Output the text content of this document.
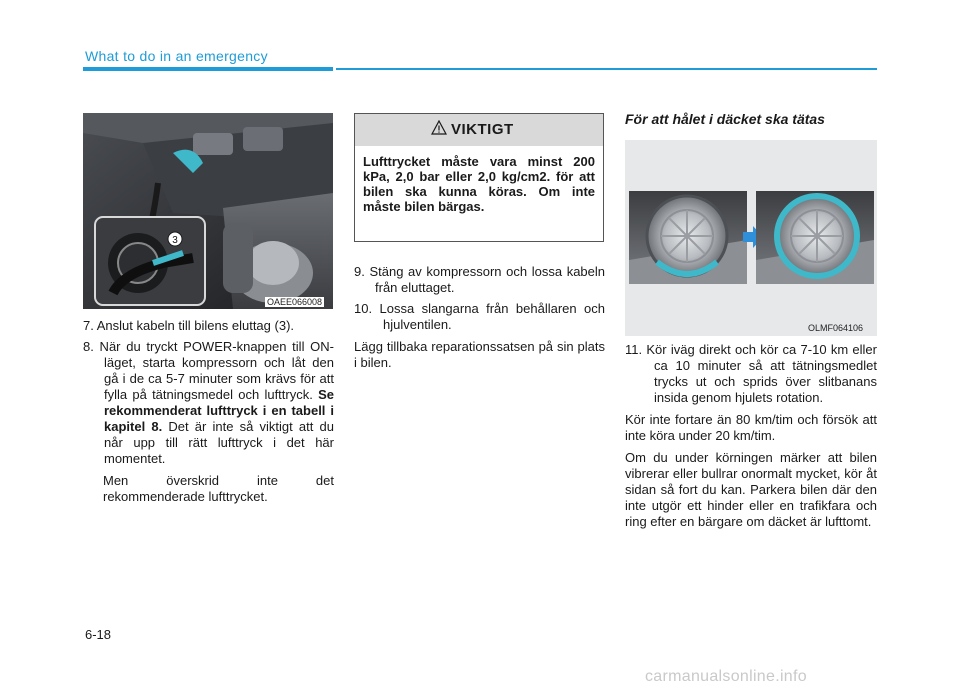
What to do in an emergency
3
OAEE066008
7. Anslut kabeln till bilens eluttag (3).
8. När du tryckt POWER-knappen till ON-läget, starta kompressorn och låt den gå i de ca 5-7 minuter som krävs för att fylla på tätningsmedel och lufttryck. Se rekommenderat lufttryck i en tabell i kapitel 8. Det är inte så viktigt att du når upp till rätt lufttryck i det här momentet.
Men överskrid inte det rekommenderade lufttrycket.
VIKTIGT
Lufttrycket måste vara minst 200 kPa, 2,0 bar eller 2,0 kg/cm2. för att bilen ska kunna köras. Om inte måste bilen bärgas.
9. Stäng av kompressorn och lossa kabeln från eluttaget.
10. Lossa slangarna från behållaren och hjulventilen.
Lägg tillbaka reparationssatsen på sin plats i bilen.
För att hålet i däcket ska tätas
OLMF064106
11. Kör iväg direkt och kör ca 7-10 km eller ca 10 minuter så att tätningsmedlet trycks ut och sprids över slitbanans insida genom hjulets rotation.
Kör inte fortare än 80 km/tim och försök att inte köra under 20 km/tim.
Om du under körningen märker att bilen vibrerar eller bullrar onormalt mycket, kör åt sidan så fort du kan. Parkera bilen där den inte utgör ett hinder eller en trafikfara och ring efter en bärgare om däcket är lufttomt.
6-18
carmanualsonline.info
